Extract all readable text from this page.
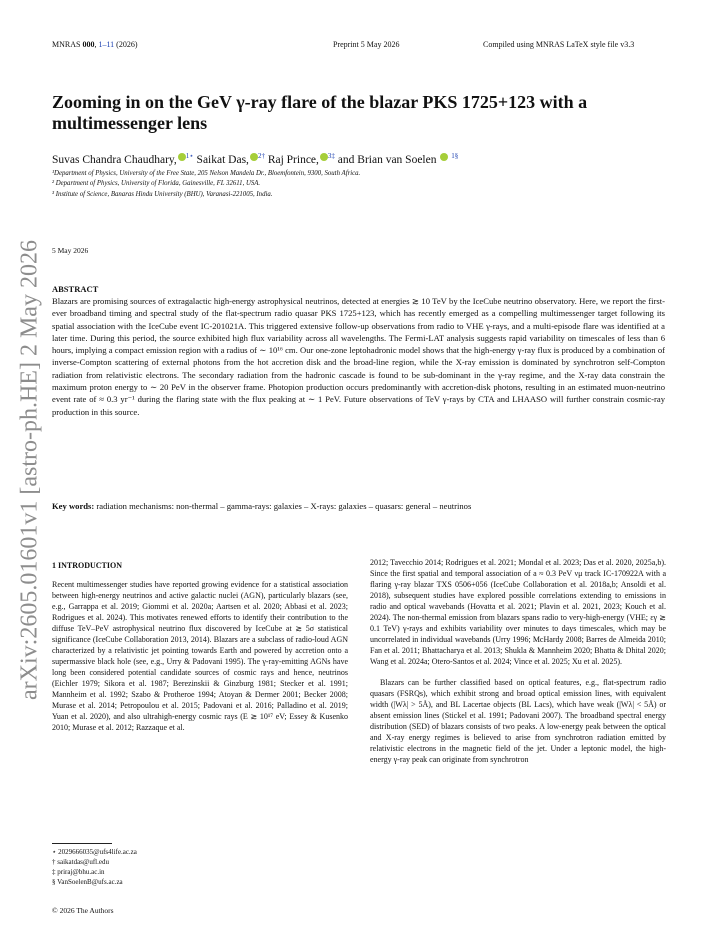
MNRAS 000, 1–11 (2026)	Preprint 5 May 2026	Compiled using MNRAS LaTeX style file v3.3
arXiv:2605.01601v1 [astro-ph.HE] 2 May 2026
Zooming in on the GeV γ-ray flare of the blazar PKS 1725+123 with a multimessenger lens
Suvas Chandra Chaudhary, $^{1⋆}$ Saikat Das, $^{2\dagger}$ Raj Prince, $^{3\ddagger}$ and Brian van Soelen $^{1\S}$
¹Department of Physics, University of the Free State, 205 Nelson Mandela Dr., Bloemfontein, 9300, South Africa.
² Department of Physics, University of Florida, Gainesville, FL 32611, USA.
³ Institute of Science, Banaras Hindu University (BHU), Varanasi-221005, India.
5 May 2026
ABSTRACT
Blazars are promising sources of extragalactic high-energy astrophysical neutrinos, detected at energies ≳ 10 TeV by the IceCube neutrino observatory. Here, we report the first-ever broadband timing and spectral study of the flat-spectrum radio quasar PKS 1725+123, which has recently emerged as a compelling multimessenger target following its spatial association with the IceCube event IC-201021A. This triggered extensive follow-up observations from radio to VHE γ-rays, and a multi-episode flare was identified at a later time. During this period, the source exhibited high flux variability across all wavelengths. The Fermi-LAT analysis suggests rapid variability on timescales of less than 6 hours, implying a compact emission region with a radius of ∼ 10¹⁶ cm. Our one-zone leptohadronic model shows that the high-energy γ-ray flux is produced by a combination of inverse-Compton scattering of external photons from the hot accretion disk and the broad-line region, while the X-ray emission is dominated by synchrotron self-Compton radiation from relativistic electrons. The secondary radiation from the hadronic cascade is found to be sub-dominant in the γ-ray regime, and the X-ray data constrain the maximum proton energy to ∼ 20 PeV in the observer frame. Photopion production occurs predominantly with accretion-disk photons, resulting in an estimated muon-neutrino event rate of ≈ 0.3 yr⁻¹ during the flaring state with the flux peaking at ∼ 1 PeV. Future observations of TeV γ-rays by CTA and LHAASO will further constrain cosmic-ray production in this source.
Key words: radiation mechanisms: non-thermal – gamma-rays: galaxies – X-rays: galaxies – quasars: general – neutrinos
1 INTRODUCTION

Recent multimessenger studies have reported growing evidence for a statistical association between high-energy neutrinos and active galactic nuclei (AGN), particularly blazars (see, e.g., Garrappa et al. 2019; Giommi et al. 2020a; Aartsen et al. 2020; Abbasi et al. 2023; Rodrigues et al. 2024). This motivates renewed efforts to identify their contribution to the diffuse TeV–PeV astrophysical neutrino flux discovered by IceCube at ≳ 5σ statistical significance (IceCube Collaboration 2013, 2014). Blazars are a subclass of radio-loud AGN characterized by a relativistic jet pointing towards Earth and powered by accretion onto a supermassive black hole (see, e.g., Urry & Padovani 1995). The γ-ray-emitting AGNs have long been considered potential candidate sources of cosmic rays and hence, neutrinos (Eichler 1979; Sikora et al. 1987; Berezinskii & Ginzburg 1981; Stecker et al. 1991; Mannheim et al. 1992; Szabo & Protheroe 1994; Atoyan & Dermer 2001; Becker 2008; Murase et al. 2014; Petropoulou et al. 2015; Padovani et al. 2016; Palladino et al. 2019; Yuan et al. 2020), and also ultrahigh-energy cosmic rays (E ≳ 10¹⁷ eV; Essey & Kusenko 2010; Murase et al. 2012; Razzaque et al.

2012; Tavecchio 2014; Rodrigues et al. 2021; Mondal et al. 2023; Das et al. 2020, 2025a,b). Since the first spatial and temporal association of a ≈ 0.3 PeV νμ track IC-170922A with a flaring γ-ray blazar TXS 0506+056 (IceCube Collaboration et al. 2018a,b; Ansoldi et al. 2018), subsequent studies have explored possible correlations extending to emissions in radio and optical wavebands (Hovatta et al. 2021; Plavin et al. 2021, 2023; Kouch et al. 2024). The non-thermal emission from blazars spans radio to very-high-energy (VHE; εγ ≳ 0.1 TeV) γ-rays and exhibits variability over minutes to days timescales, which may be uncorrelated in individual wavebands (Urry 1996; McHardy 2008; Barres de Almeida 2010; Fan et al. 2011; Bhattacharya et al. 2013; Shukla & Mannheim 2020; Bhatta & Dhital 2020; Wang et al. 2024a; Otero-Santos et al. 2024; Vince et al. 2025; Xu et al. 2025).

Blazars can be further classified based on optical features, e.g., flat-spectrum radio quasars (FSRQs), which exhibit strong and broad optical emission lines, with equivalent width (|Wλ| > 5Å), and BL Lacertae objects (BL Lacs), which have weak (|Wλ| < 5Å) or absent emission lines (Stickel et al. 1991; Padovani 2007). The broadband spectral energy distribution (SED) of blazars consists of two peaks. A low-energy peak between the optical and X-ray energy regimes is believed to arise from synchrotron radiation emitted by relativistic electrons in the magnetic field of the jet. Under a leptonic model, the high-energy γ-ray peak can originate from synchrotron

⋆ 2029666035@ufs4life.ac.za
† saikatdas@ufl.edu
‡ priraj@bhu.ac.in
§ VanSoelenB@ufs.ac.za
© 2026 The Authors
